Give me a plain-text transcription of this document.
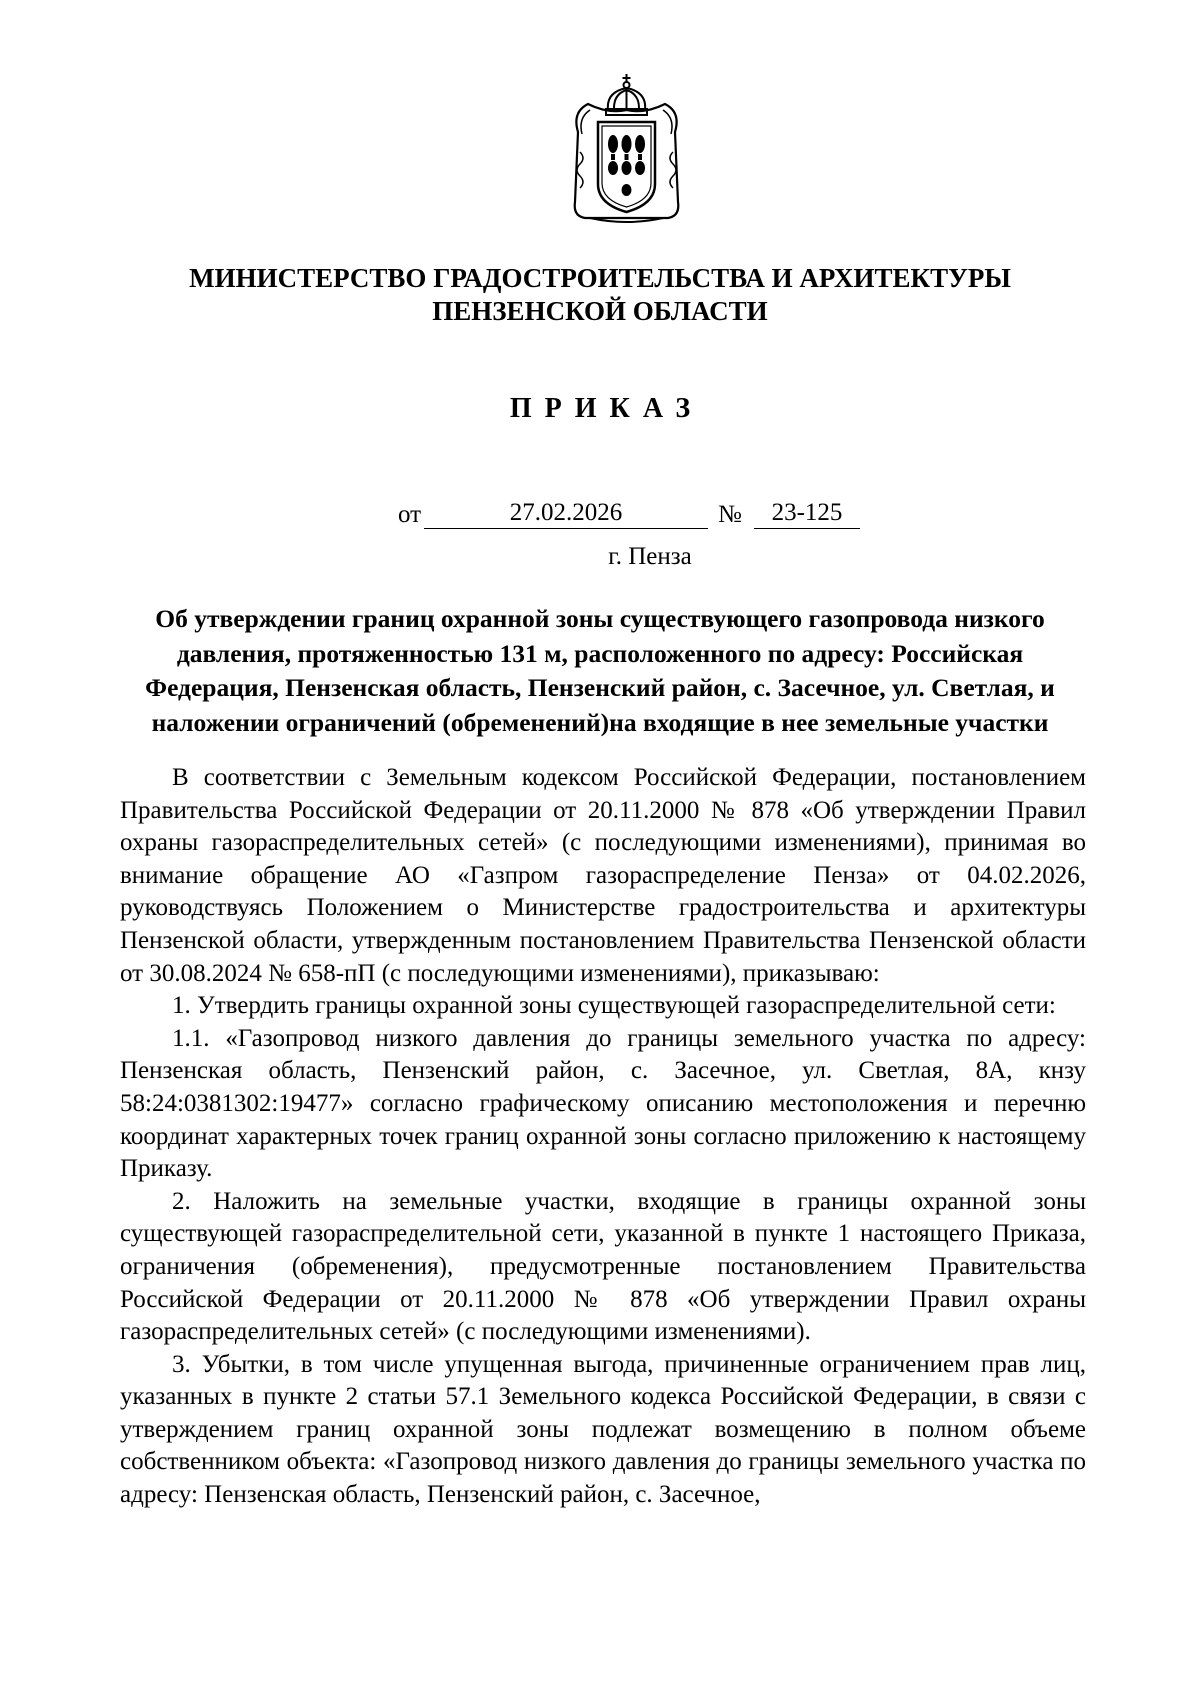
МИНИСТЕРСТВО ГРАДОСТРОИТЕЛЬСТВА И АРХИТЕКТУРЫ
ПЕНЗЕНСКОЙ ОБЛАСТИ
ПРИКАЗ
от	27.02.2026	№	23-125
г. Пенза
Об утверждении границ охранной зоны существующего газопровода низкого давления, протяженностью 131 м, расположенного по адресу: Российская Федерация, Пензенская область, Пензенский район, с. Засечное, ул. Светлая, и наложении ограничений (обременений)на входящие в нее земельные участки

В соответствии с Земельным кодексом Российской Федерации, постановлением Правительства Российской Федерации от 20.11.2000 № 878 «Об утверждении Правил охраны газораспределительных сетей» (с последующими изменениями), принимая во внимание обращение АО «Газпром газораспределение Пенза» от 04.02.2026, руководствуясь Положением о Министерстве градостроительства и архитектуры Пензенской области, утвержденным постановлением Правительства Пензенской области от 30.08.2024 № 658-пП (с последующими изменениями), приказываю:

1. Утвердить границы охранной зоны существующей газораспределительной сети:

1.1. «Газопровод низкого давления до границы земельного участка по адресу: Пензенская область, Пензенский район, с. Засечное, ул. Светлая, 8А, кнзу 58:24:0381302:19477» согласно графическому описанию местоположения и перечню координат характерных точек границ охранной зоны согласно приложению к настоящему Приказу.

2. Наложить на земельные участки, входящие в границы охранной зоны существующей газораспределительной сети, указанной в пункте 1 настоящего Приказа, ограничения (обременения), предусмотренные постановлением Правительства Российской Федерации от 20.11.2000 № 878 «Об утверждении Правил охраны газораспределительных сетей» (с последующими изменениями).

3. Убытки, в том числе упущенная выгода, причиненные ограничением прав лиц, указанных в пункте 2 статьи 57.1 Земельного кодекса Российской Федерации, в связи с утверждением границ охранной зоны подлежат возмещению в полном объеме собственником объекта: «Газопровод низкого давления до границы земельного участка по адресу: Пензенская область, Пензенский район, с. Засечное,
